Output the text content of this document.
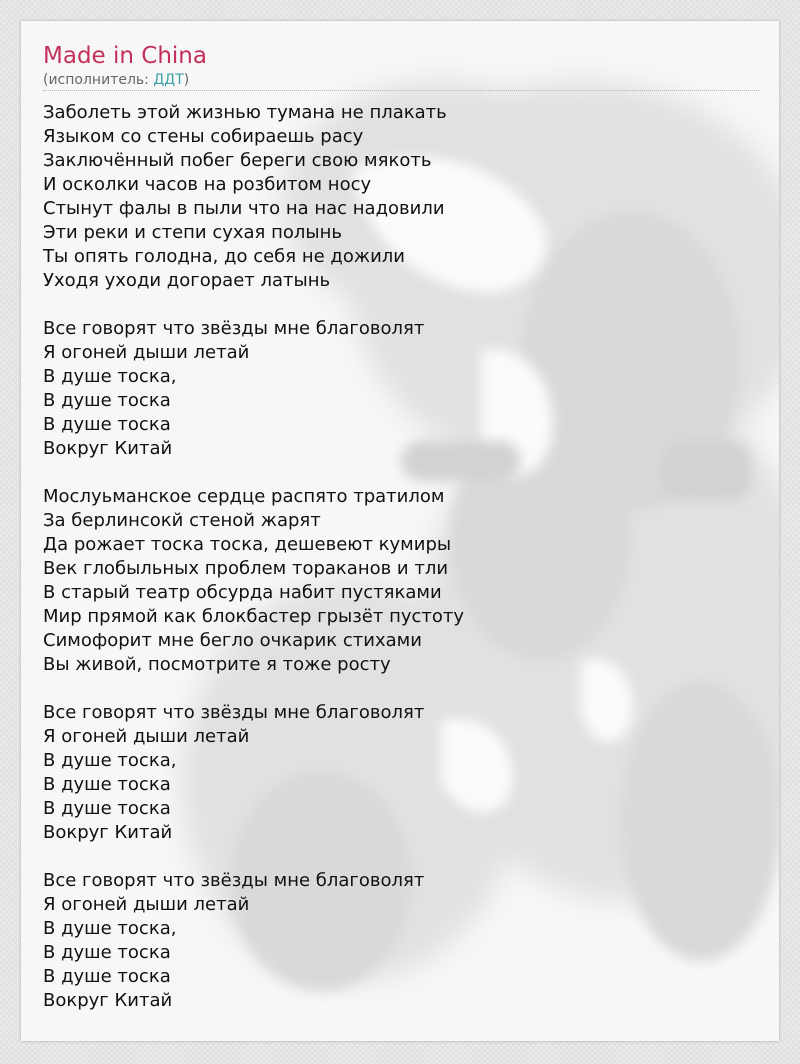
Made in China
(исполнитель: ДДТ)
Заболеть этой жизнью тумана не плакать
Языком со стены собираешь расу
Заключённый побег береги свою мякоть
И осколки часов на розбитом носу
Стынут фалы в пыли что на нас надовили
Эти реки и степи сухая полынь
Ты опять голодна, до себя не дожили
Уходя уходи догорает латынь
Все говорят что звёзды мне благоволят
Я огоней дыши летай
В душе тоска,
В душе тоска
В душе тоска
Вокруг Китай
Мослуьманское сердце распято тратилом
За берлинсокй стеной жарят
Да рожает тоска тоска, дешевеют кумиры
Век глобыльных проблем тораканов и тли
В старый театр обсурда набит пустяками
Мир прямой как блокбастер грызёт пустоту
Симофорит мне бегло очкарик стихами
Вы живой, посмотрите я тоже росту
Все говорят что звёзды мне благоволят
Я огоней дыши летай
В душе тоска,
В душе тоска
В душе тоска
Вокруг Китай
Все говорят что звёзды мне благоволят
Я огоней дыши летай
В душе тоска,
В душе тоска
В душе тоска
Вокруг Китай
